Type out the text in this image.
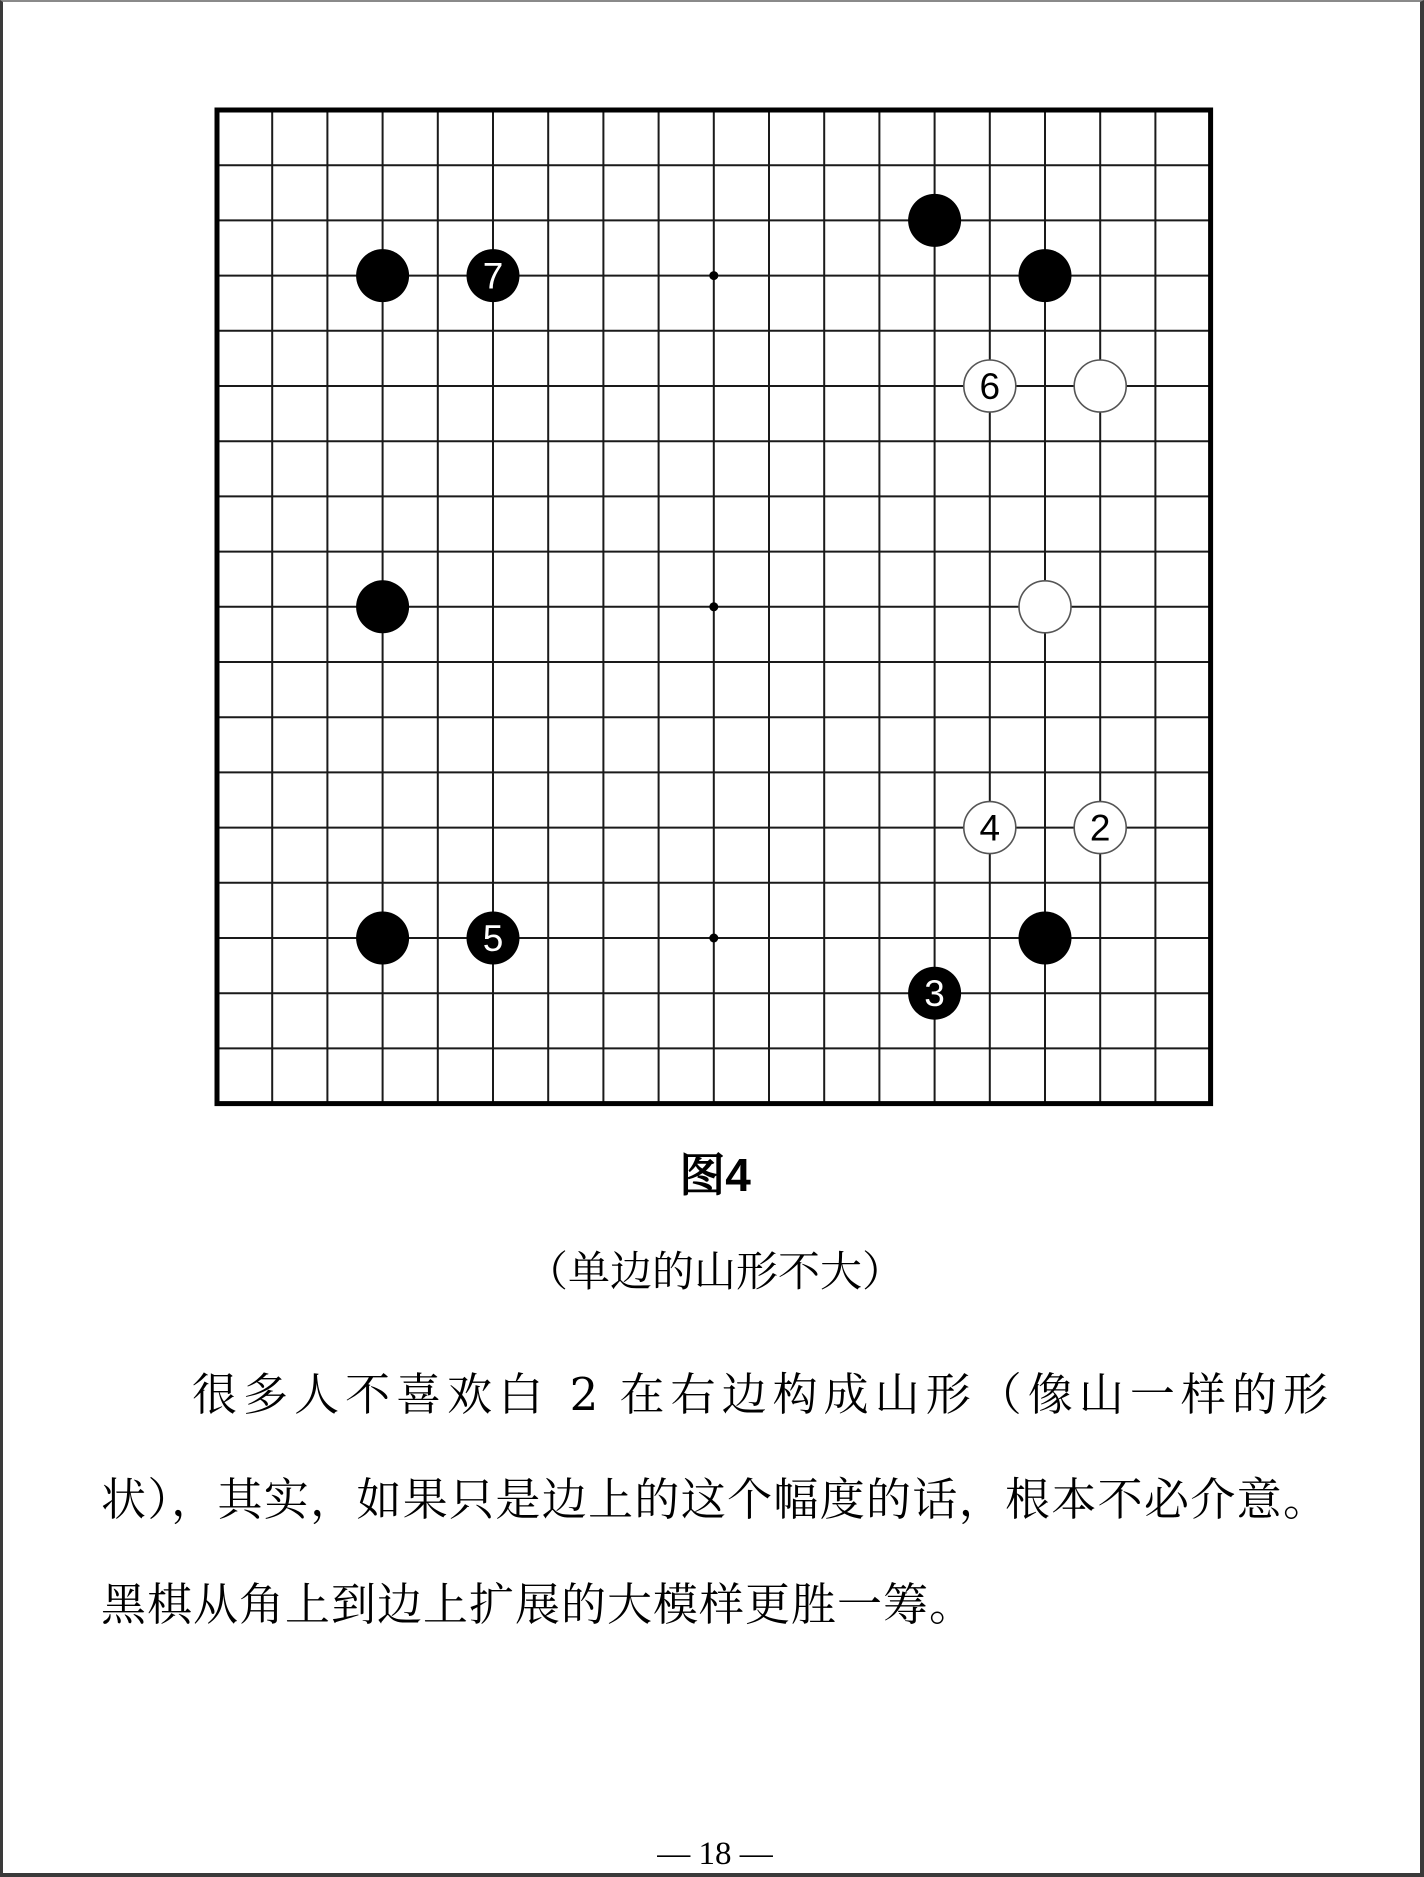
7
6
4 2
5
3
图4
（单边的山形不大）

很多人不喜欢白 2 在右边构成山形（像山一样的形状），其实，如果只是边上的这个幅度的话，根本不必介意。黑棋从角上到边上扩展的大模样更胜一筹。

— 18 —
